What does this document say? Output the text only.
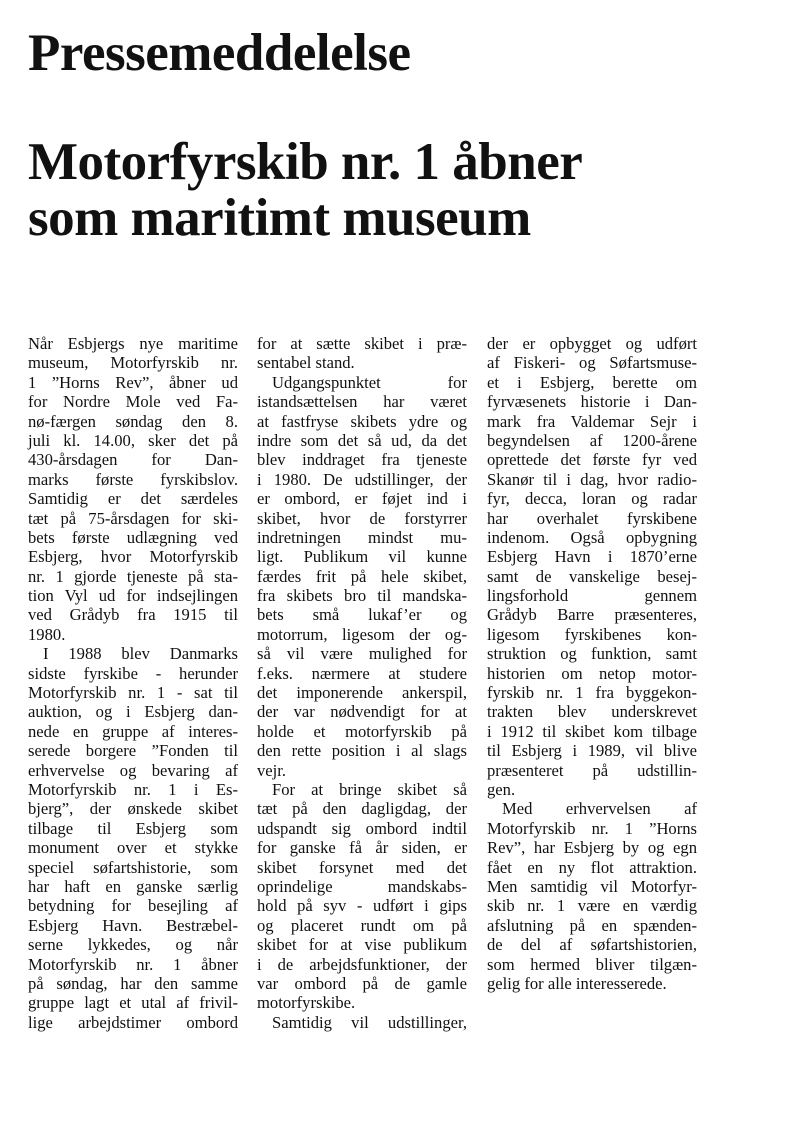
Pressemeddelelse
Motorfyrskib nr. 1 åbner
som maritimt museum
Når Esbjergs nye maritime
museum, Motorfyrskib nr.
1 ”Horns Rev”, åbner ud
for Nordre Mole ved Fa-
nø-færgen søndag den 8.
juli kl. 14.00, sker det på
430-årsdagen for Dan-
marks første fyrskibslov.
Samtidig er det særdeles
tæt på 75-årsdagen for ski-
bets første udlægning ved
Esbjerg, hvor Motorfyrskib
nr. 1 gjorde tjeneste på sta-
tion Vyl ud for indsejlingen
ved Grådyb fra 1915 til
1980.
I 1988 blev Danmarks
sidste fyrskibe - herunder
Motorfyrskib nr. 1 - sat til
auktion, og i Esbjerg dan-
nede en gruppe af interes-
serede borgere ”Fonden til
erhvervelse og bevaring af
Motorfyrskib nr. 1 i Es-
bjerg”, der ønskede skibet
tilbage til Esbjerg som
monument over et stykke
speciel søfartshistorie, som
har haft en ganske særlig
betydning for besejling af
Esbjerg Havn. Bestræbel-
serne lykkedes, og når
Motorfyrskib nr. 1 åbner
på søndag, har den samme
gruppe lagt et utal af frivil-
lige arbejdstimer ombord
for at sætte skibet i præ-
sentabel stand.
Udgangspunktet for
istandsættelsen har været
at fastfryse skibets ydre og
indre som det så ud, da det
blev inddraget fra tjeneste
i 1980. De udstillinger, der
er ombord, er føjet ind i
skibet, hvor de forstyrrer
indretningen mindst mu-
ligt. Publikum vil kunne
færdes frit på hele skibet,
fra skibets bro til mandska-
bets små lukaf’er og
motorrum, ligesom der og-
så vil være mulighed for
f.eks. nærmere at studere
det imponerende ankerspil,
der var nødvendigt for at
holde et motorfyrskib på
den rette position i al slags
vejr.
For at bringe skibet så
tæt på den dagligdag, der
udspandt sig ombord indtil
for ganske få år siden, er
skibet forsynet med det
oprindelige mandskabs-
hold på syv - udført i gips
og placeret rundt om på
skibet for at vise publikum
i de arbejdsfunktioner, der
var ombord på de gamle
motorfyrskibe.
Samtidig vil udstillinger,
der er opbygget og udført
af Fiskeri- og Søfartsmuse-
et i Esbjerg, berette om
fyrvæsenets historie i Dan-
mark fra Valdemar Sejr i
begyndelsen af 1200-årene
oprettede det første fyr ved
Skanør til i dag, hvor radio-
fyr, decca, loran og radar
har overhalet fyrskibene
indenom. Også opbygning
Esbjerg Havn i 1870’erne
samt de vanskelige besej-
lingsforhold gennem
Grådyb Barre præsenteres,
ligesom fyrskibenes kon-
struktion og funktion, samt
historien om netop motor-
fyrskib nr. 1 fra byggekon-
trakten blev underskrevet
i 1912 til skibet kom tilbage
til Esbjerg i 1989, vil blive
præsenteret på udstillin-
gen.
Med erhvervelsen af
Motorfyrskib nr. 1 ”Horns
Rev”, har Esbjerg by og egn
fået en ny flot attraktion.
Men samtidig vil Motorfyr-
skib nr. 1 være en værdig
afslutning på en spænden-
de del af søfartshistorien,
som hermed bliver tilgæn-
gelig for alle interesserede.
